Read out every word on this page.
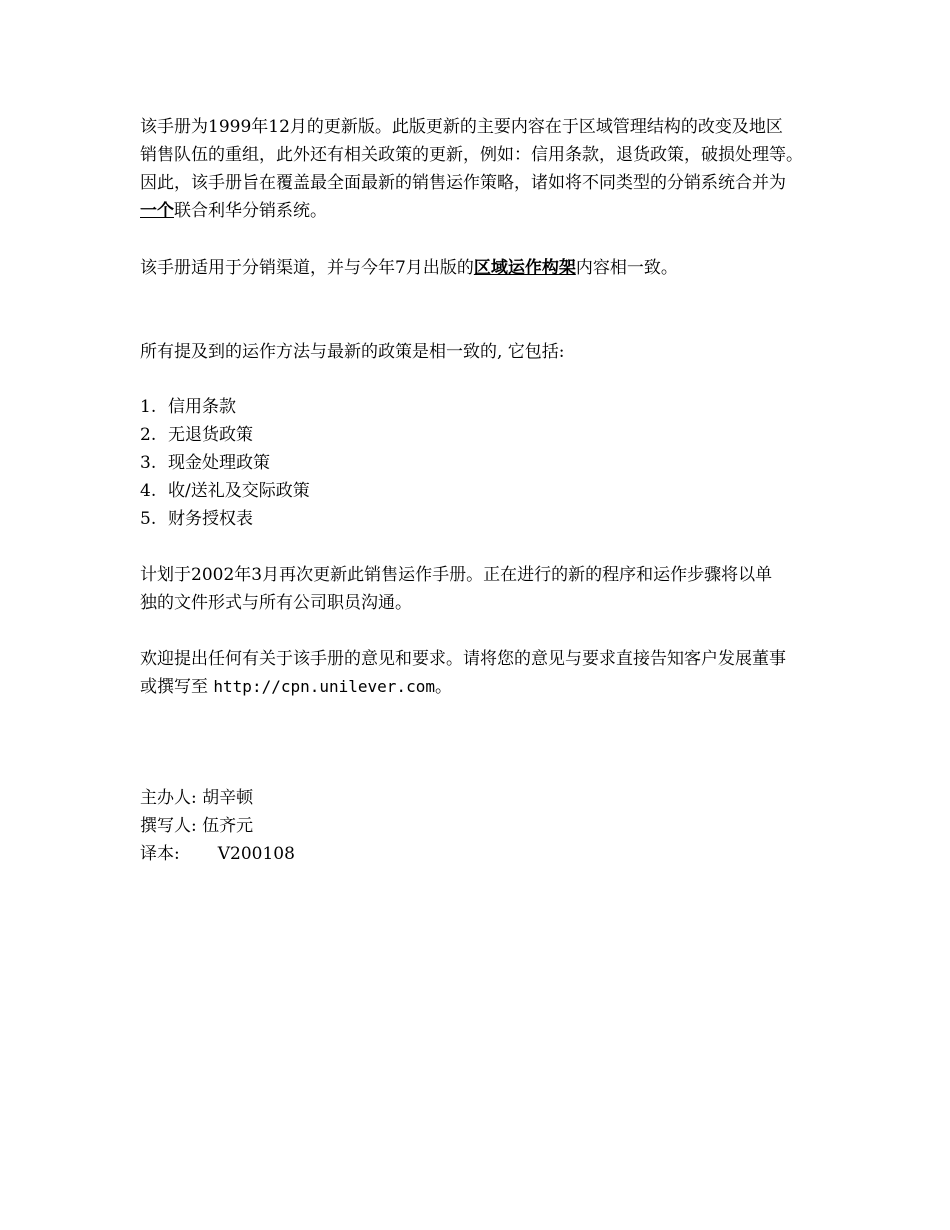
该手册为1999年12月的更新版。此版更新的主要内容在于区域管理结构的改变及地区
销售队伍的重组，此外还有相关政策的更新，例如：信用条款，退货政策，破损处理等。
因此，该手册旨在覆盖最全面最新的销售运作策略，诸如将不同类型的分销系统合并为
一个联合利华分销系统。
该手册适用于分销渠道，并与今年7月出版的区域运作构架内容相一致。
所有提及到的运作方法与最新的政策是相一致的, 它包括:
1. 信用条款
2. 无退货政策
3. 现金处理政策
4. 收/送礼及交际政策
5. 财务授权表
计划于2002年3月再次更新此销售运作手册。正在进行的新的程序和运作步骤将以单
独的文件形式与所有公司职员沟通。
欢迎提出任何有关于该手册的意见和要求。请将您的意见与要求直接告知客户发展董事
或撰写至 http://cpn.unilever.com。
主办人: 胡辛顿
撰写人: 伍齐元
译本: V200108
